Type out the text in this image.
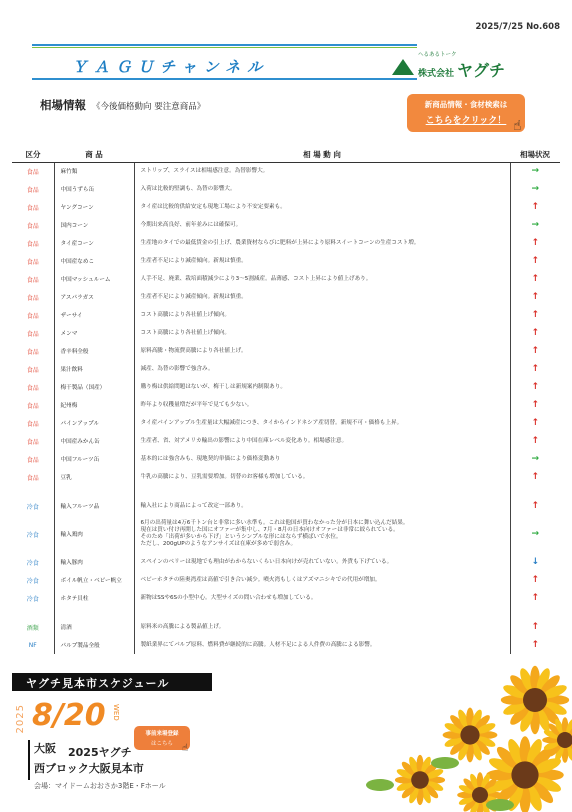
2025/7/25 No.608
ＹＡＧＵチャンネル
へるあるトーク
株式会社 ヤグチ
相場情報 《今後価格動向 要注意商品》	新商品情報・食材検索は
こちらをクリック！ ☝
区分	商 品	相 場 動 向	相場状況
食品	麻竹類	ストリップ、スライスは相場感注意。為替影響大。	→
食品	中国うずら缶	入荷は比較的堅調も、為替の影響大。	→
食品	ヤングコーン	タイ産は比較的供給安定も現地工場により不安定要素も。	↑
食品	国内コーン	今期出来高良好、前年並みには確保可。	→
食品	タイ産コーン	生産地のタイでの最低賃金の引上げ、農業資材ならびに肥料が上昇により原料スイートコーンの生産コスト増。	↑
食品	中国産なめこ	生産者不足により減産傾向。新規は慎重。	↑
食品	中国マッシュルーム	人手不足、廃業、栽培面積減少により3～5割減産。品薄感、コスト上昇により値上げあり。	↑
食品	アスパラガス	生産者不足により減産傾向。新規は慎重。	↑
食品	ザーサイ	コスト高騰により各社値上げ傾向。	↑
食品	メンマ	コスト高騰により各社値上げ傾向。	↑
食品	香辛料全般	原料高騰・物流費高騰により各社値上げ。	↑
食品	果汁飲料	減産、為替の影響で強含み。	↑
食品	梅干製品（国産）	購り梅は供給問題はないが、梅干しは新規案内制限あり。	↑
食品	紀州梅	昨年より収穫量増だが平年で見ても少ない。	↑
食品	パインアップル	タイ産パインアップル生産量は大幅減産につき、タイからインドネシア産切替。新規不可・価格も上昇。	↑
食品	中国産みかん缶	生産者、省、対アメリカ輸出の影響により中国在庫レベル変化あり。相場感注意。	↑
食品	中国フルーツ缶	基本的には強含みも、現地契約単価により価格変動あり	→
食品	豆乳	牛乳の高騰により、豆乳需要増加。切替のお客様も増加している。	↑

冷食	輸入フルーツ品	輸入社により商品によって改定一部あり。	↑
冷食	輸入鶏肉	6月の出荷量は4万6千トン台と非常に多い水準も。これは他国が買わなかった分が日本に舞い込んだ結果。
現在は買い付け再開した国にオファーが集中し、7月・8月の日本向けオファーは非常に絞られている。
そのため「出荷が多いから下げ」というシンプルな形にはならず横ばいで水位。
ただし、200gUPのようなアンサイズは在庫が多めで弱含み。	→
冷食	輸入豚肉	スペインのベリーは現地でも理由がわからないくらい日本向けが売れていない。外貨も下げている。	↓
冷食	ボイル帆立・ベビー帆立	ベビーホタテの陸奥湾産は高値で引き合い減少。噴火湾もしくはアズマニシキでの代用が増加。	↑
冷食	ホタテ貝柱	新物はSSや6Sの小型中心。大型サイズの問い合わせも増加している。	↑

酒類	清酒	原料米の高騰による製品値上げ。	↑
NF	パルプ製品全般	製紙業界にてパルプ原料、燃料費が継続的に高騰。人材不足による人件費の高騰による影響。	↑
ヤグチ見本市スケジュール
2025 8/20 WED
事前来場登録
はこちら ☝
大阪 2025ヤグチ
西ブロック大阪見本市
会場：マイドームおおさか3階E・Fホール
